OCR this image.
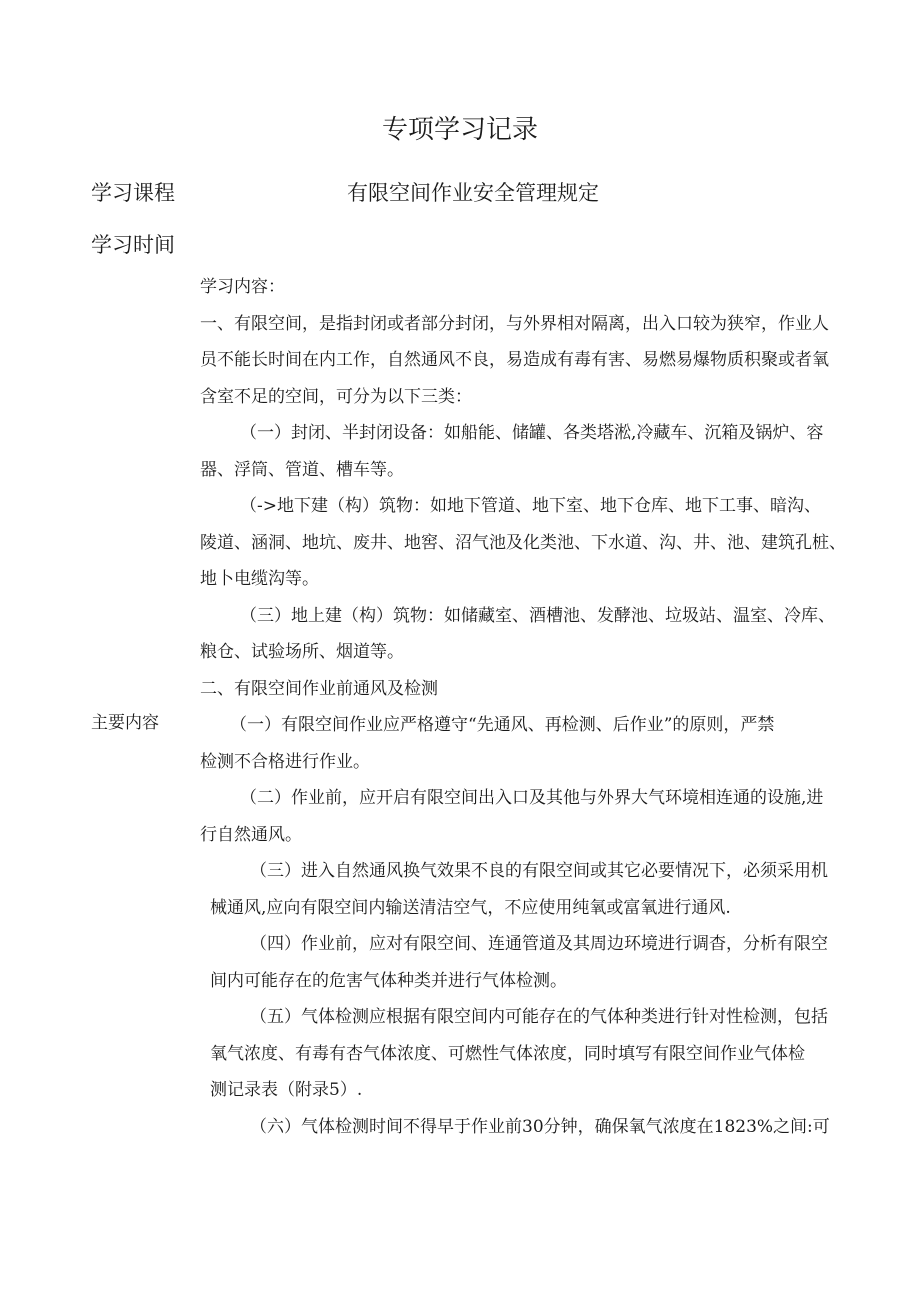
专项学习记录
学习课程	有限空间作业安全管理规定
学习时间
主要内容
学习内容：
一、有限空间，是指封闭或者部分封闭，与外界相对隔离，出入口较为狭窄，作业人
员不能长时间在内工作，自然通风不良，易造成有毒有害、易燃易爆物质积聚或者氧
含室不足的空间，可分为以下三类：
（一）封闭、半封闭设备：如船能、储罐、各类塔淞,冷藏车、沉箱及锅炉、容
器、浮筒、管道、槽车等。
（->地下建（构）筑物：如地下管道、地下室、地下仓库、地下工事、暗沟、
陵道、涵洞、地坑、废井、地窖、沼气池及化类池、下水道、沟、井、池、建筑孔桩、
地卜电缆沟等。
（三）地上建（构）筑物：如储藏室、酒槽池、发酵池、垃圾站、温室、冷库、
粮仓、试验场所、烟道等。
二、有限空间作业前通风及检测
（一）有限空间作业应严格遵守“先通风、再检测、后作业”的原则，严禁
检测不合格进行作业。
（二）作业前，应开启有限空间出入口及其他与外界大气环境相连通的设施,进
行自然通风。
（三）进入自然通风换气效果不良的有限空间或其它必要情况下，必须采用机
械通风,应向有限空间内输送清洁空气，不应使用纯氧或富氧进行通风.
（四）作业前，应对有限空间、连通管道及其周边环境进行调杳，分析有限空
间内可能存在的危害气体种类并进行气体检测。
（五）气体检测应根据有限空间内可能存在的气体种类进行针对性检测，包括
氧气浓度、有毒有杏气体浓度、可燃性气体浓度，同时填写有限空间作业气体检
测记录表（附录5）.
（六）气体检测时间不得早于作业前30分钟，确保氧气浓度在1823%之间:可
